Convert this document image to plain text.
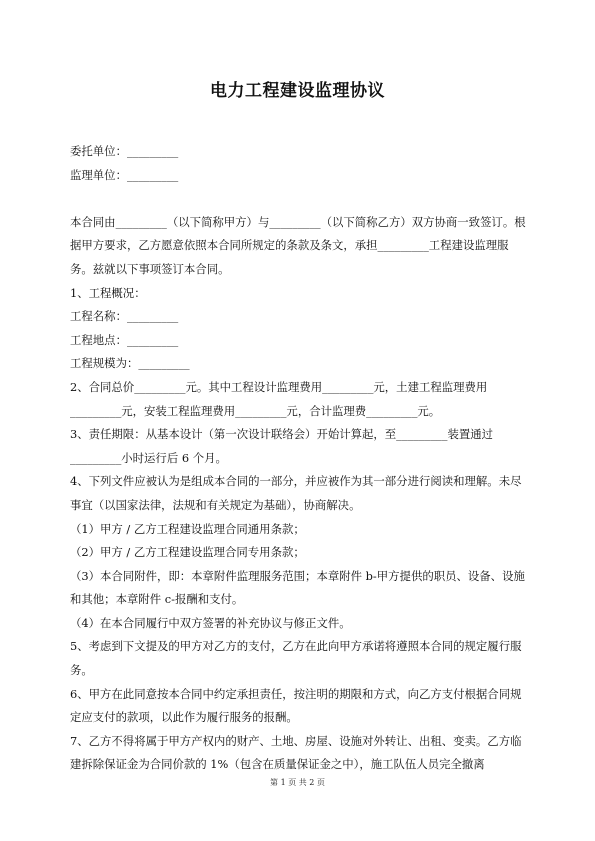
电力工程建设监理协议

委托单位：_________

监理单位：_________

本合同由_________（以下简称甲方）与_________（以下简称乙方）双方协商一致签订。根据甲方要求，乙方愿意依照本合同所规定的条款及条文，承担_________工程建设监理服务。兹就以下事项签订本合同。

1、工程概况：

工程名称：_________

工程地点：_________

工程规模为：_________

2、合同总价_________元。其中工程设计监理费用_________元，土建工程监理费用_________元，安装工程监理费用_________元，合计监理费_________元。

3、责任期限：从基本设计（第一次设计联络会）开始计算起，至_________装置通过_________小时运行后 6 个月。

4、下列文件应被认为是组成本合同的一部分，并应被作为其一部分进行阅读和理解。未尽事宜（以国家法律，法规和有关规定为基础），协商解决。

（1）甲方 / 乙方工程建设监理合同通用条款；

（2）甲方 / 乙方工程建设监理合同专用条款；

（3）本合同附件，即：本章附件监理服务范围；本章附件 b-甲方提供的职员、设备、设施和其他；本章附件 c-报酬和支付。

（4）在本合同履行中双方签署的补充协议与修正文件。

5、考虑到下文提及的甲方对乙方的支付，乙方在此向甲方承诺将遵照本合同的规定履行服务。

6、甲方在此同意按本合同中约定承担责任，按注明的期限和方式，向乙方支付根据合同规定应支付的款项，以此作为履行服务的报酬。

7、乙方不得将属于甲方产权内的财产、土地、房屋、设施对外转让、出租、变卖。乙方临建拆除保证金为合同价款的 1%（包含在质量保证金之中），施工队伍人员完全撤离

第 1 页 共 2 页
